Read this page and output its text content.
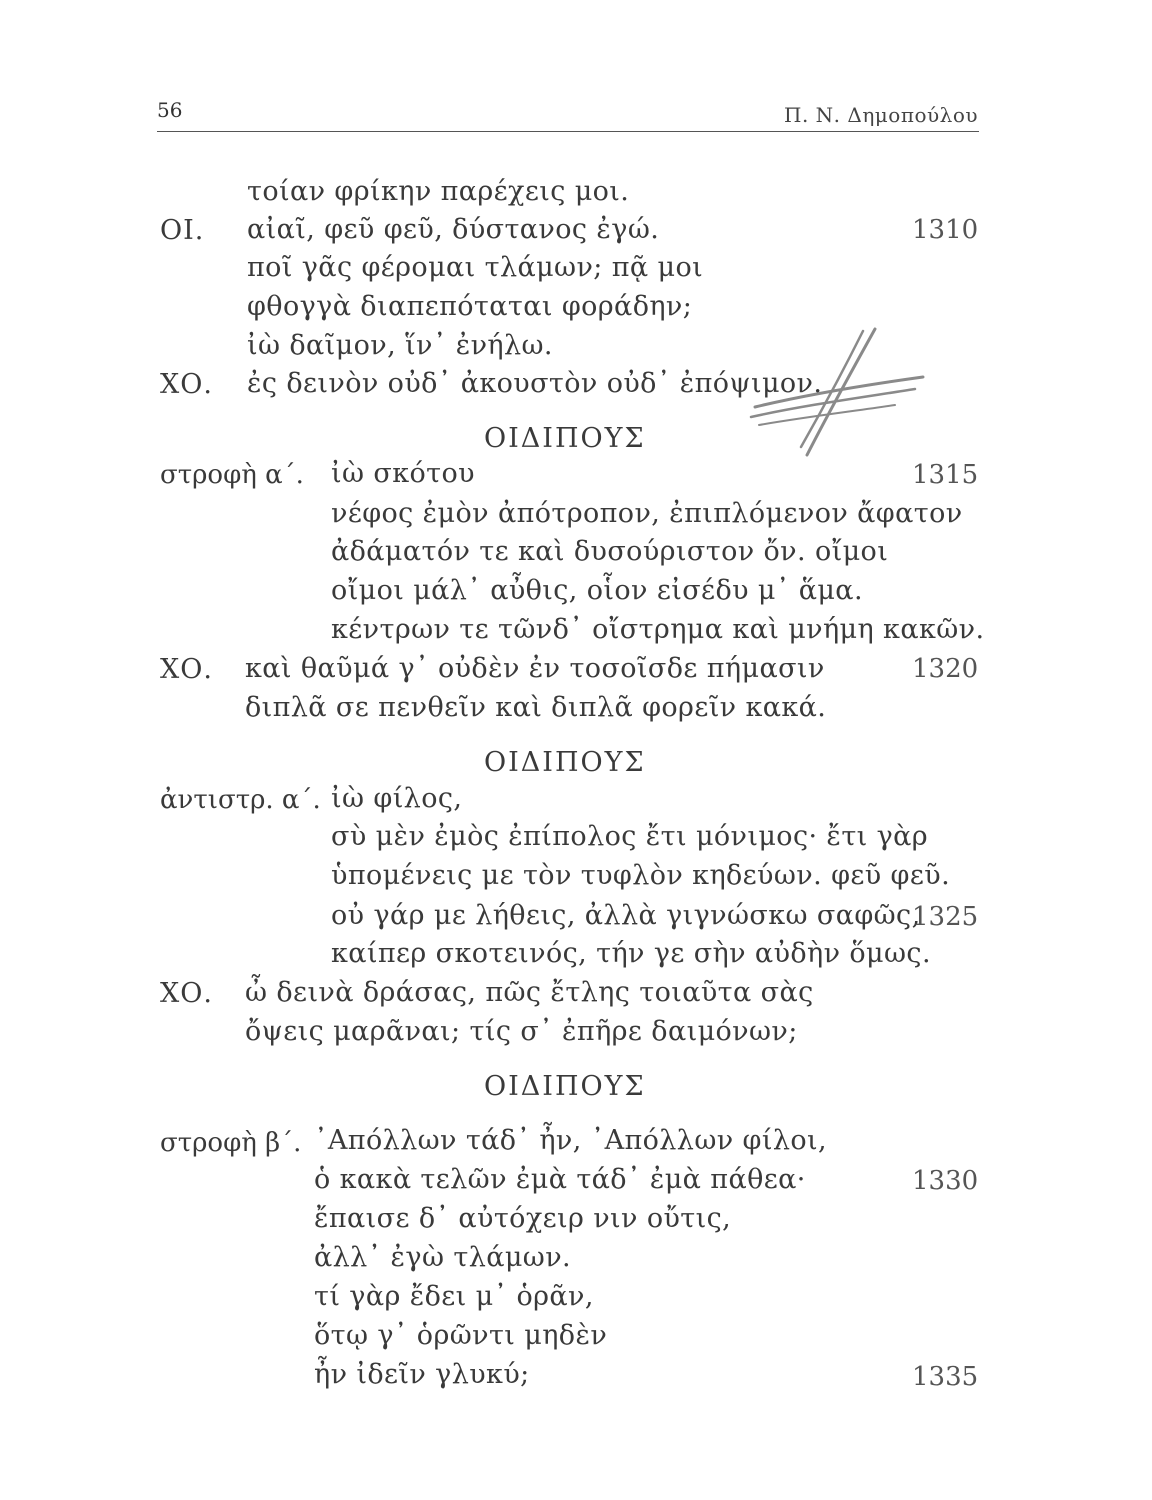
56	Π. Ν. Δημοπούλου
τοίαν φρίκην παρέχεις μοι.
ΟΙ. αἰαῖ, φεῦ φεῦ, δύστανος ἐγώ.	1310
ποῖ γᾶς φέρομαι τλάμων; πᾷ μοι
φθογγὰ διαπεπόταται φοράδην;
ἰὼ δαῖμον, ἵν᾽ ἐνήλω.
ΧΟ. ἐς δεινὸν οὐδ᾽ ἀκουστὸν οὐδ᾽ ἐπόψιμον.
ΟΙΔΙΠΟΥΣ
στροφὴ α΄. ἰὼ σκότου	1315
νέφος ἐμὸν ἀπότροπον, ἐπιπλόμενον ἄφατον
ἀδάματόν τε καὶ δυσούριστον ὄν. οἴμοι
οἴμοι μάλ᾽ αὖθις, οἷον εἰσέδυ μ᾽ ἅμα.
κέντρων τε τῶνδ᾽ οἴστρημα καὶ μνήμη κακῶν.
ΧΟ. καὶ θαῦμά γ᾽ οὐδὲν ἐν τοσοῖσδε πήμασιν	1320
διπλᾶ σε πενθεῖν καὶ διπλᾶ φορεῖν κακά.
ΟΙΔΙΠΟΥΣ
ἀντιστρ. α΄. ἰὼ φίλος,
σὺ μὲν ἐμὸς ἐπίπολος ἔτι μόνιμος· ἔτι γὰρ
ὑπομένεις με τὸν τυφλὸν κηδεύων. φεῦ φεῦ.
οὐ γάρ με λήθεις, ἀλλὰ γιγνώσκω σαφῶς,
1325
καίπερ σκοτεινός, τήν γε σὴν αὐδὴν ὅμως.
ΧΟ. ὦ δεινὰ δράσας, πῶς ἔτλης τοιαῦτα σὰς
ὄψεις μαρᾶναι; τίς σ᾽ ἐπῆρε δαιμόνων;
ΟΙΔΙΠΟΥΣ
στροφὴ β΄. ᾽Απόλλων τάδ᾽ ἦν, ᾽Απόλλων φίλοι,
ὁ κακὰ τελῶν ἐμὰ τάδ᾽ ἐμὰ πάθεα·	1330
ἔπαισε δ᾽ αὐτόχειρ νιν οὔτις,
ἀλλ᾽ ἐγὼ τλάμων.
τί γὰρ ἔδει μ᾽ ὁρᾶν,
ὅτῳ γ᾽ ὁρῶντι μηδὲν
ἦν ἰδεῖν γλυκύ;	1335
